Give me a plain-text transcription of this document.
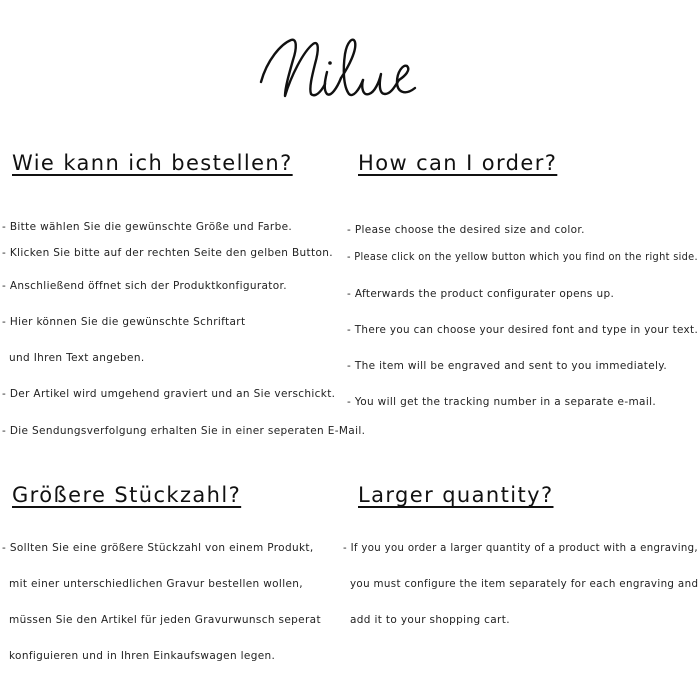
Wie kann ich bestellen?	How can I order?

- Bitte wählen Sie die gewünschte Größe und Farbe.

- Klicken Sie bitte auf der rechten Seite den gelben Button.

- Anschließend öffnet sich der Produktkonfigurator.

- Hier können Sie die gewünschte Schriftart

und Ihren Text angeben.

- Der Artikel wird umgehend graviert und an Sie verschickt.

- Die Sendungsverfolgung erhalten Sie in einer seperaten E-Mail.

- Please choose the desired size and color.

- Please click on the yellow button which you find on the right side.

- Afterwards the product configurater opens up.

- There you can choose your desired font and type in your text.

- The item will be engraved and sent to you immediately.

- You will get the tracking number in a separate e-mail.

Größere Stückzahl?	Larger quantity?

- Sollten Sie eine größere Stückzahl von einem Produkt,

mit einer unterschiedlichen Gravur bestellen wollen,

müssen Sie den Artikel für jeden Gravurwunsch seperat

konfiguieren und in Ihren Einkaufswagen legen.

- If you you order a larger quantity of a product with a engraving,

you must configure the item separately for each engraving and

add it to your shopping cart.
